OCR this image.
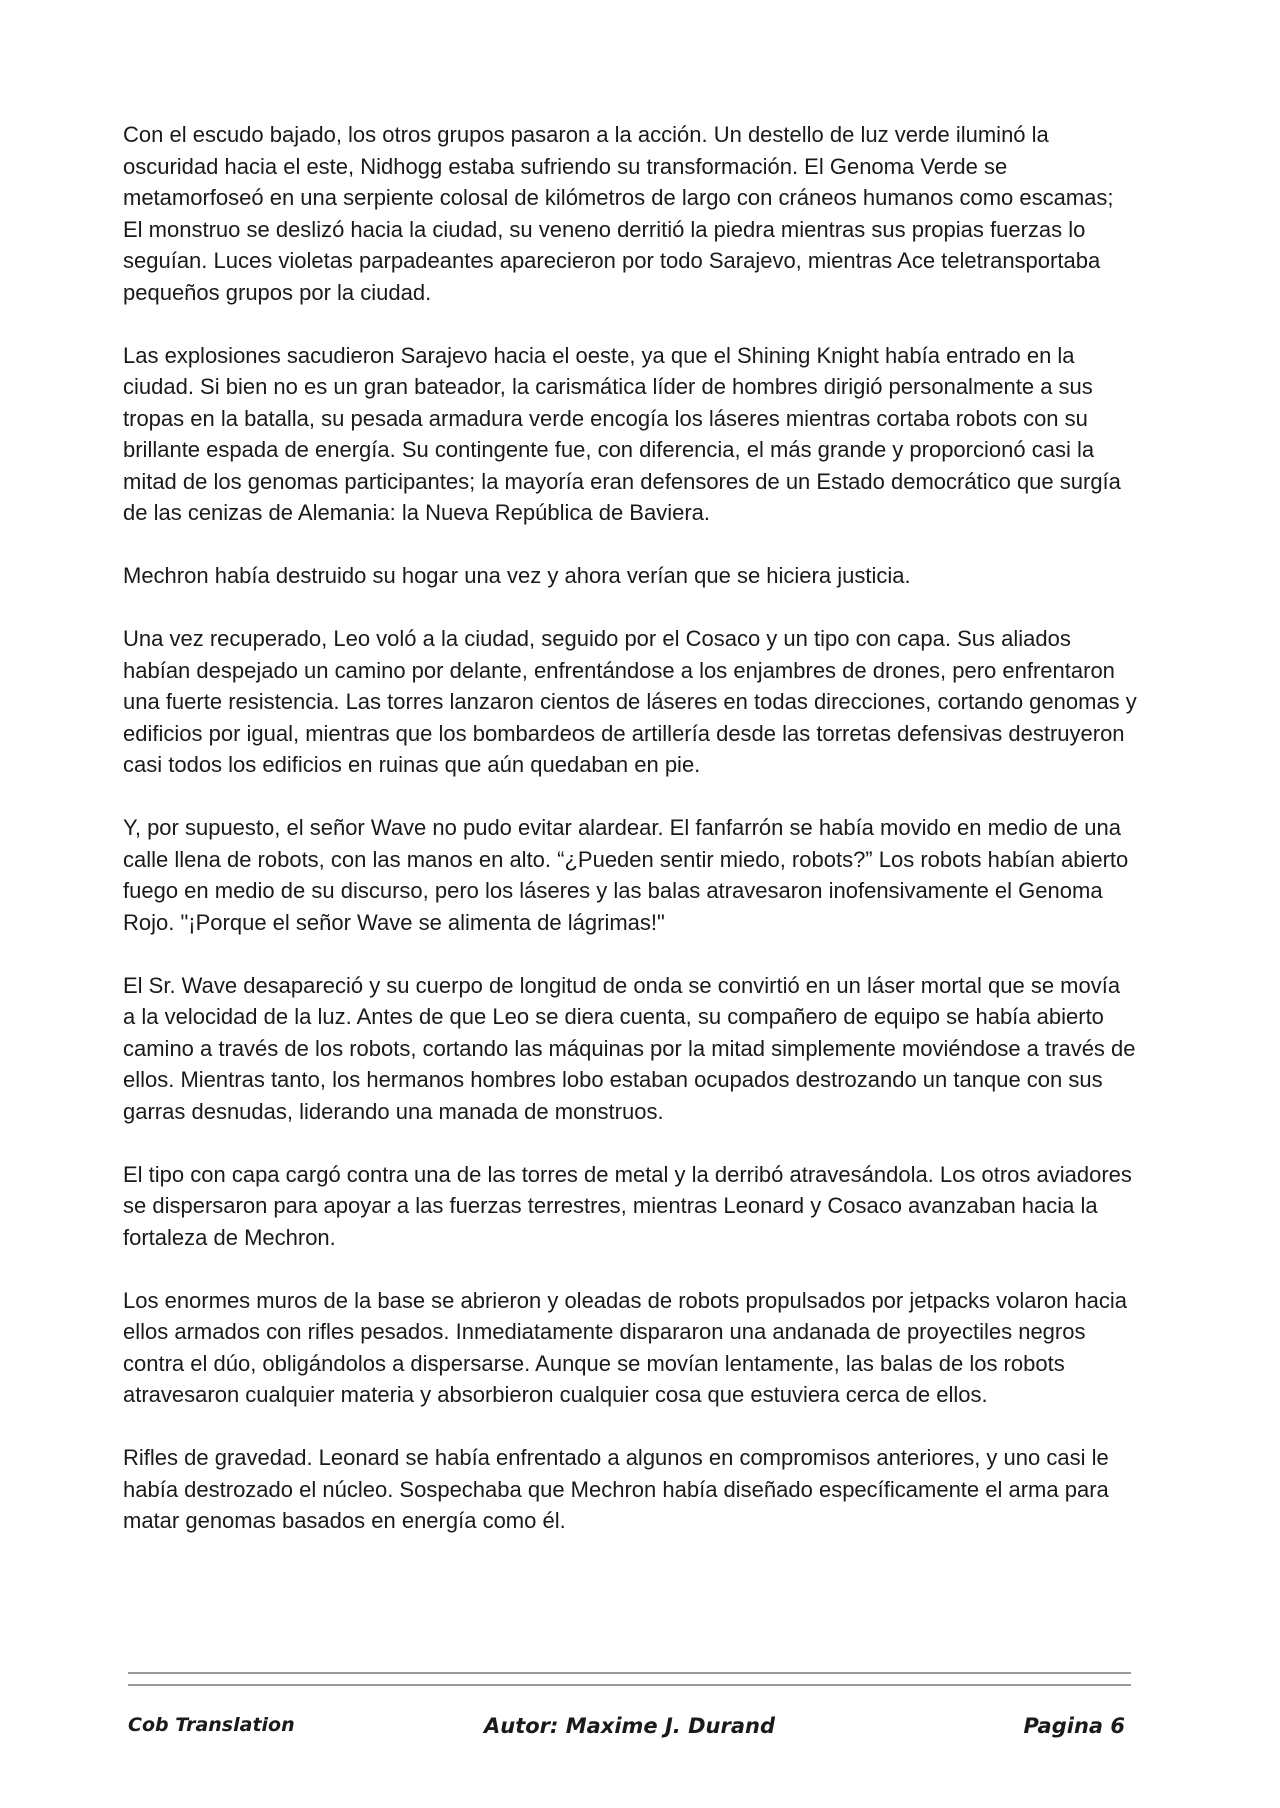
Con el escudo bajado, los otros grupos pasaron a la acción. Un destello de luz verde iluminó la oscuridad hacia el este, Nidhogg estaba sufriendo su transformación. El Genoma Verde se metamorfoseó en una serpiente colosal de kilómetros de largo con cráneos humanos como escamas; El monstruo se deslizó hacia la ciudad, su veneno derritió la piedra mientras sus propias fuerzas lo seguían. Luces violetas parpadeantes aparecieron por todo Sarajevo, mientras Ace teletransportaba pequeños grupos por la ciudad.

Las explosiones sacudieron Sarajevo hacia el oeste, ya que el Shining Knight había entrado en la ciudad. Si bien no es un gran bateador, la carismática líder de hombres dirigió personalmente a sus tropas en la batalla, su pesada armadura verde encogía los láseres mientras cortaba robots con su brillante espada de energía. Su contingente fue, con diferencia, el más grande y proporcionó casi la mitad de los genomas participantes; la mayoría eran defensores de un Estado democrático que surgía de las cenizas de Alemania: la Nueva República de Baviera.

Mechron había destruido su hogar una vez y ahora verían que se hiciera justicia.

Una vez recuperado, Leo voló a la ciudad, seguido por el Cosaco y un tipo con capa. Sus aliados habían despejado un camino por delante, enfrentándose a los enjambres de drones, pero enfrentaron una fuerte resistencia. Las torres lanzaron cientos de láseres en todas direcciones, cortando genomas y edificios por igual, mientras que los bombardeos de artillería desde las torretas defensivas destruyeron casi todos los edificios en ruinas que aún quedaban en pie.

Y, por supuesto, el señor Wave no pudo evitar alardear. El fanfarrón se había movido en medio de una calle llena de robots, con las manos en alto. “¿Pueden sentir miedo, robots?” Los robots habían abierto fuego en medio de su discurso, pero los láseres y las balas atravesaron inofensivamente el Genoma Rojo. "¡Porque el señor Wave se alimenta de lágrimas!"

El Sr. Wave desapareció y su cuerpo de longitud de onda se convirtió en un láser mortal que se movía a la velocidad de la luz. Antes de que Leo se diera cuenta, su compañero de equipo se había abierto camino a través de los robots, cortando las máquinas por la mitad simplemente moviéndose a través de ellos. Mientras tanto, los hermanos hombres lobo estaban ocupados destrozando un tanque con sus garras desnudas, liderando una manada de monstruos.

El tipo con capa cargó contra una de las torres de metal y la derribó atravesándola. Los otros aviadores se dispersaron para apoyar a las fuerzas terrestres, mientras Leonard y Cosaco avanzaban hacia la fortaleza de Mechron.

Los enormes muros de la base se abrieron y oleadas de robots propulsados por jetpacks volaron hacia ellos armados con rifles pesados. Inmediatamente dispararon una andanada de proyectiles negros contra el dúo, obligándolos a dispersarse. Aunque se movían lentamente, las balas de los robots atravesaron cualquier materia y absorbieron cualquier cosa que estuviera cerca de ellos.

Rifles de gravedad. Leonard se había enfrentado a algunos en compromisos anteriores, y uno casi le había destrozado el núcleo. Sospechaba que Mechron había diseñado específicamente el arma para matar genomas basados en energía como él.

Cob Translation	Autor: Maxime J. Durand	Pagina 6
